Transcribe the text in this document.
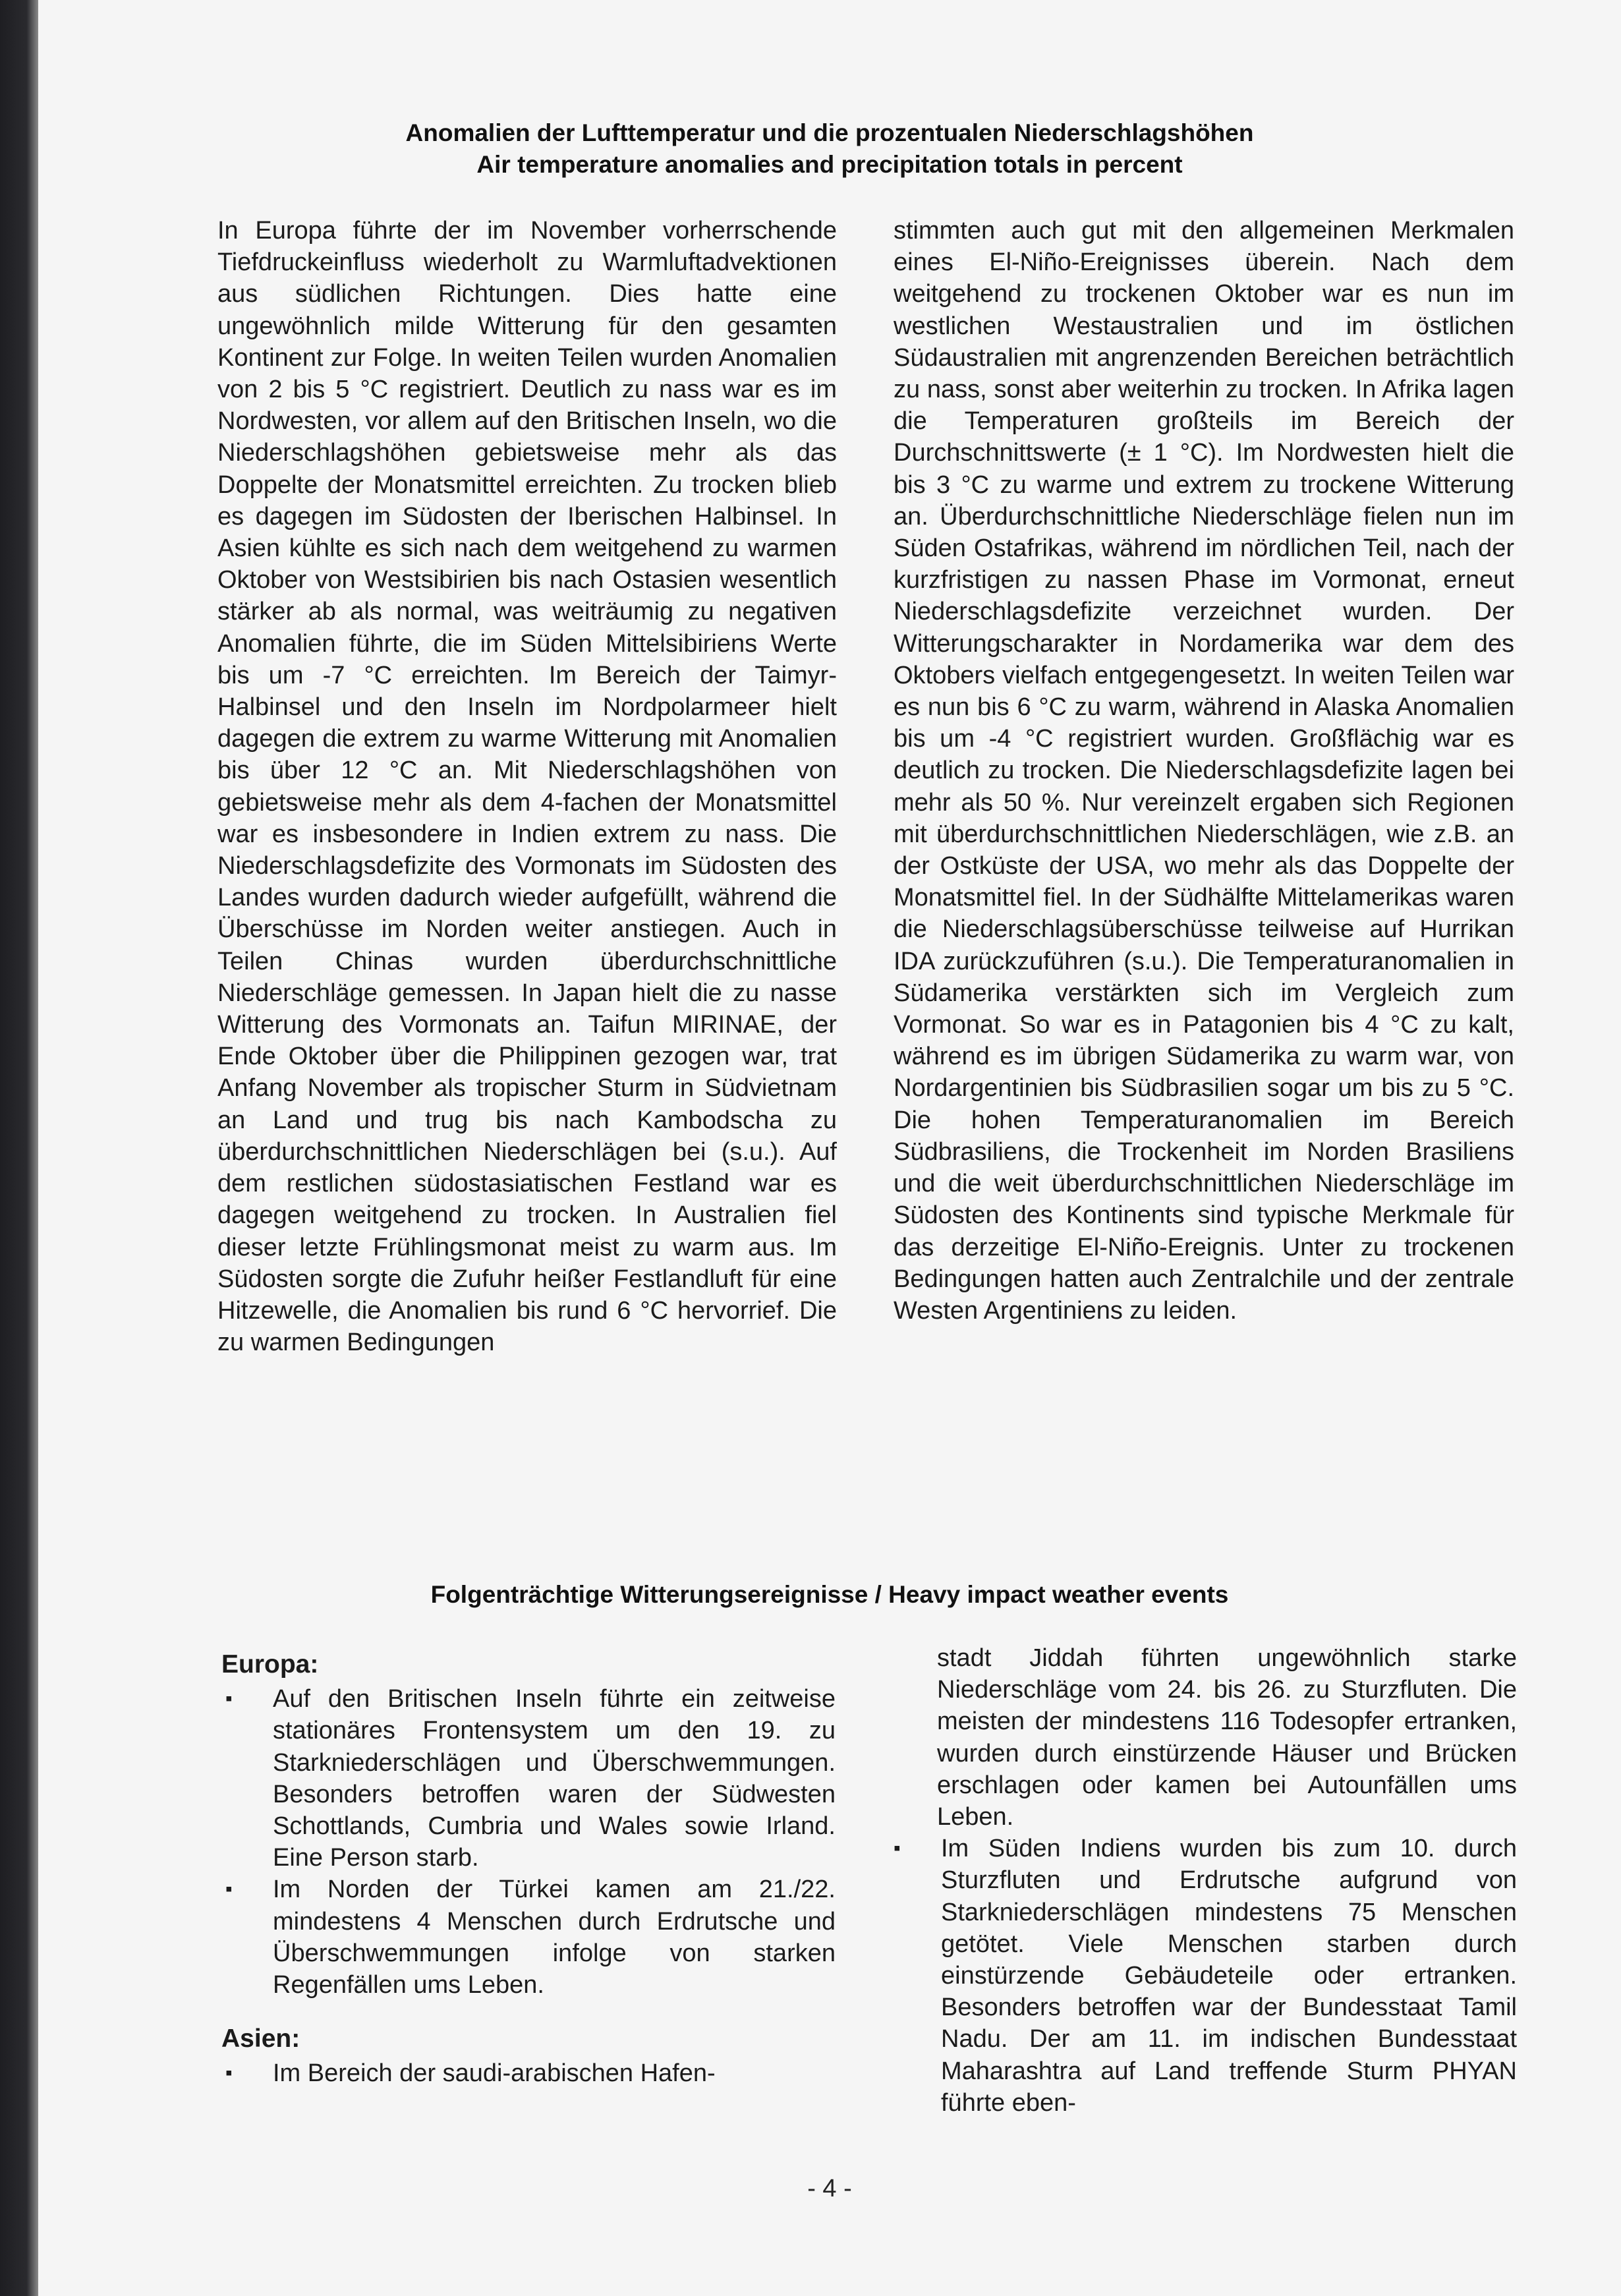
Anomalien der Lufttemperatur und die prozentualen Niederschlagshöhen
Air temperature anomalies and precipitation totals in percent

In Europa führte der im November vorherrschende Tiefdruckeinfluss wiederholt zu Warmluftadvektionen aus südlichen Richtungen. Dies hatte eine ungewöhnlich milde Witterung für den gesamten Kontinent zur Folge. In weiten Teilen wurden Anomalien von 2 bis 5 °C registriert. Deutlich zu nass war es im Nordwesten, vor allem auf den Britischen Inseln, wo die Niederschlagshöhen gebietsweise mehr als das Doppelte der Monatsmittel erreichten. Zu trocken blieb es dagegen im Südosten der Iberischen Halbinsel. In Asien kühlte es sich nach dem weitgehend zu warmen Oktober von Westsibirien bis nach Ostasien wesentlich stärker ab als normal, was weiträumig zu negativen Anomalien führte, die im Süden Mittelsibiriens Werte bis um -7 °C erreichten. Im Bereich der Taimyr-Halbinsel und den Inseln im Nordpolarmeer hielt dagegen die extrem zu warme Witterung mit Anomalien bis über 12 °C an. Mit Niederschlagshöhen von gebietsweise mehr als dem 4-fachen der Monatsmittel war es insbesondere in Indien extrem zu nass. Die Niederschlagsdefizite des Vormonats im Südosten des Landes wurden dadurch wieder aufgefüllt, während die Überschüsse im Norden weiter anstiegen. Auch in Teilen Chinas wurden überdurchschnittliche Niederschläge gemessen. In Japan hielt die zu nasse Witterung des Vormonats an. Taifun MIRINAE, der Ende Oktober über die Philippinen gezogen war, trat Anfang November als tropischer Sturm in Südvietnam an Land und trug bis nach Kambodscha zu überdurchschnittlichen Niederschlägen bei (s.u.). Auf dem restlichen südostasiatischen Festland war es dagegen weitgehend zu trocken. In Australien fiel dieser letzte Frühlingsmonat meist zu warm aus. Im Südosten sorgte die Zufuhr heißer Festlandluft für eine Hitzewelle, die Anomalien bis rund 6 °C hervorrief. Die zu warmen Bedingungen

stimmten auch gut mit den allgemeinen Merkmalen eines El-Niño-Ereignisses überein. Nach dem weitgehend zu trockenen Oktober war es nun im westlichen Westaustralien und im östlichen Südaustralien mit angrenzenden Bereichen beträchtlich zu nass, sonst aber weiterhin zu trocken. In Afrika lagen die Temperaturen großteils im Bereich der Durchschnittswerte (± 1 °C). Im Nordwesten hielt die bis 3 °C zu warme und extrem zu trockene Witterung an. Überdurchschnittliche Niederschläge fielen nun im Süden Ostafrikas, während im nördlichen Teil, nach der kurzfristigen zu nassen Phase im Vormonat, erneut Niederschlagsdefizite verzeichnet wurden. Der Witterungscharakter in Nordamerika war dem des Oktobers vielfach entgegengesetzt. In weiten Teilen war es nun bis 6 °C zu warm, während in Alaska Anomalien bis um -4 °C registriert wurden. Großflächig war es deutlich zu trocken. Die Niederschlagsdefizite lagen bei mehr als 50 %. Nur vereinzelt ergaben sich Regionen mit überdurchschnittlichen Niederschlägen, wie z.B. an der Ostküste der USA, wo mehr als das Doppelte der Monatsmittel fiel. In der Südhälfte Mittelamerikas waren die Niederschlagsüberschüsse teilweise auf Hurrikan IDA zurückzuführen (s.u.). Die Temperaturanomalien in Südamerika verstärkten sich im Vergleich zum Vormonat. So war es in Patagonien bis 4 °C zu kalt, während es im übrigen Südamerika zu warm war, von Nordargentinien bis Südbrasilien sogar um bis zu 5 °C. Die hohen Temperaturanomalien im Bereich Südbrasiliens, die Trockenheit im Norden Brasiliens und die weit überdurchschnittlichen Niederschläge im Südosten des Kontinents sind typische Merkmale für das derzeitige El-Niño-Ereignis. Unter zu trockenen Bedingungen hatten auch Zentralchile und der zentrale Westen Argentiniens zu leiden.

Folgenträchtige Witterungsereignisse / Heavy impact weather events
Europa:
▪ Auf den Britischen Inseln führte ein zeitweise stationäres Frontensystem um den 19. zu Starkniederschlägen und Überschwemmungen. Besonders betroffen waren der Südwesten Schottlands, Cumbria und Wales sowie Irland. Eine Person starb.
▪ Im Norden der Türkei kamen am 21./22. mindestens 4 Menschen durch Erdrutsche und Überschwemmungen infolge von starken Regenfällen ums Leben.
Asien:
▪ Im Bereich der saudi-arabischen Hafen-
stadt Jiddah führten ungewöhnlich starke Niederschläge vom 24. bis 26. zu Sturzfluten. Die meisten der mindestens 116 Todesopfer ertranken, wurden durch einstürzende Häuser und Brücken erschlagen oder kamen bei Autounfällen ums Leben.
▪ Im Süden Indiens wurden bis zum 10. durch Sturzfluten und Erdrutsche aufgrund von Starkniederschlägen mindestens 75 Menschen getötet. Viele Menschen starben durch einstürzende Gebäudeteile oder ertranken. Besonders betroffen war der Bundesstaat Tamil Nadu. Der am 11. im indischen Bundesstaat Maharashtra auf Land treffende Sturm PHYAN führte eben-
- 4 -
